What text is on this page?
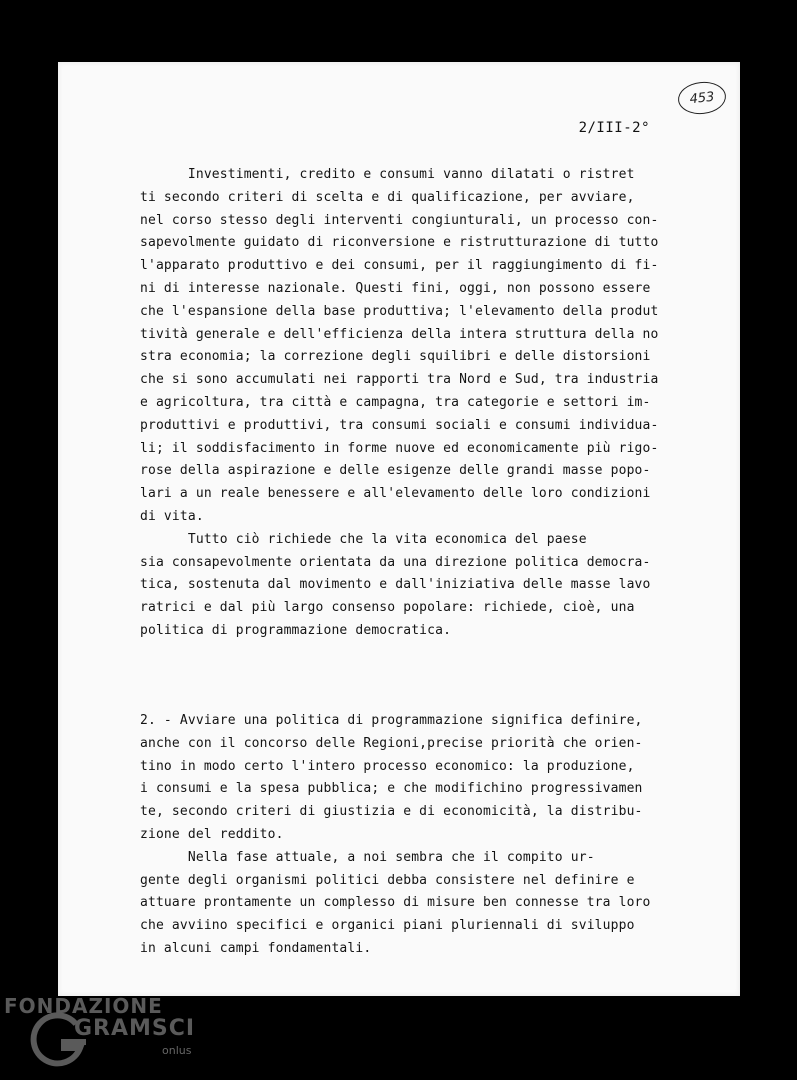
453
2/III-2°
Investimenti, credito e consumi vanno dilatati o ristret
ti secondo criteri di scelta e di qualificazione, per avviare,
nel corso stesso degli interventi congiunturali, un processo con-
sapevolmente guidato di riconversione e ristrutturazione di tutto
l'apparato produttivo e dei consumi, per il raggiungimento di fi-
ni di interesse nazionale. Questi fini, oggi, non possono essere
che l'espansione della base produttiva; l'elevamento della produt
tività generale e dell'efficienza della intera struttura della no
stra economia; la correzione degli squilibri e delle distorsioni
che si sono accumulati nei rapporti tra Nord e Sud, tra industria
e agricoltura, tra città e campagna, tra categorie e settori im-
produttivi e produttivi, tra consumi sociali e consumi individua-
li; il soddisfacimento in forme nuove ed economicamente più rigo-
rose della aspirazione e delle esigenze delle grandi masse popo-
lari a un reale benessere e all'elevamento delle loro condizioni
di vita.
Tutto ciò richiede che la vita economica del paese
sia consapevolmente orientata da una direzione politica democra-
tica, sostenuta dal movimento e dall'iniziativa delle masse lavo
ratrici e dal più largo consenso popolare: richiede, cioè, una
politica di programmazione democratica.
2. - Avviare una politica di programmazione significa definire,
anche con il concorso delle Regioni,precise priorità che orien-
tino in modo certo l'intero processo economico: la produzione,
i consumi e la spesa pubblica; e che modifichino progressivamen
te, secondo criteri di giustizia e di economicità, la distribu-
zione del reddito.
Nella fase attuale, a noi sembra che il compito ur-
gente degli organismi politici debba consistere nel definire e
attuare prontamente un complesso di misure ben connesse tra loro
che avviino specifici e organici piani pluriennali di sviluppo
in alcuni campi fondamentali.
FONDAZIONE
GRAMSCI
onlus
